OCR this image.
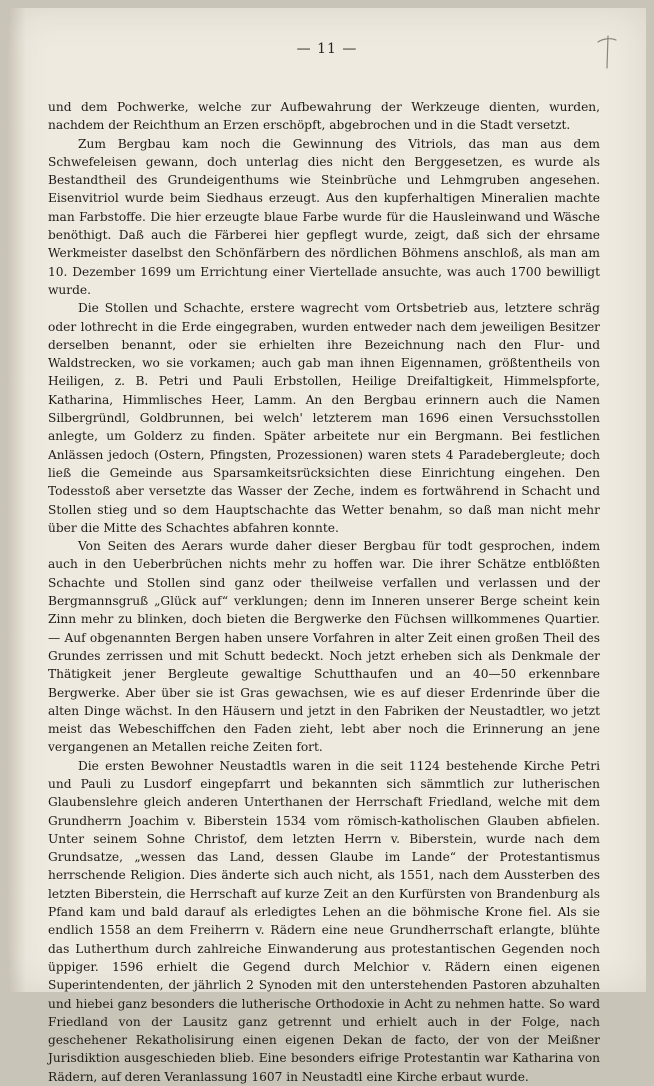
— 11 —

und dem Pochwerke, welche zur Aufbewahrung der Werkzeuge dienten, wurden, nachdem der Reichthum an Erzen erschöpft, abgebrochen und in die Stadt versetzt.

Zum Bergbau kam noch die Gewinnung des Vitriols, das man aus dem Schwefeleisen gewann, doch unterlag dies nicht den Berggesetzen, es wurde als Bestandtheil des Grundeigenthums wie Steinbrüche und Lehmgruben angesehen. Eisenvitriol wurde beim Siedhaus erzeugt. Aus den kupferhaltigen Mineralien machte man Farbstoffe. Die hier erzeugte blaue Farbe wurde für die Hausleinwand und Wäsche benöthigt. Daß auch die Färberei hier gepflegt wurde, zeigt, daß sich der ehrsame Werkmeister daselbst den Schönfärbern des nördlichen Böhmens anschloß, als man am 10. Dezember 1699 um Errichtung einer Viertellade ansuchte, was auch 1700 bewilligt wurde.

Die Stollen und Schachte, erstere wagrecht vom Ortsbetrieb aus, letztere schräg oder lothrecht in die Erde eingegraben, wurden entweder nach dem jeweiligen Besitzer derselben benannt, oder sie erhielten ihre Bezeichnung nach den Flur- und Waldstrecken, wo sie vorkamen; auch gab man ihnen Eigennamen, größtentheils von Heiligen, z. B. Petri und Pauli Erbstollen, Heilige Dreifaltigkeit, Himmelspforte, Katharina, Himmlisches Heer, Lamm. An den Bergbau erinnern auch die Namen Silbergründl, Goldbrunnen, bei welch' letzterem man 1696 einen Versuchsstollen anlegte, um Golderz zu finden. Später arbeitete nur ein Bergmann. Bei festlichen Anlässen jedoch (Ostern, Pfingsten, Prozessionen) waren stets 4 Paradebergleute; doch ließ die Gemeinde aus Sparsamkeitsrücksichten diese Einrichtung eingehen. Den Todesstoß aber versetzte das Wasser der Zeche, indem es fortwährend in Schacht und Stollen stieg und so dem Hauptschachte das Wetter benahm, so daß man nicht mehr über die Mitte des Schachtes abfahren konnte.

Von Seiten des Aerars wurde daher dieser Bergbau für todt gesprochen, indem auch in den Ueberbrüchen nichts mehr zu hoffen war. Die ihrer Schätze entblößten Schachte und Stollen sind ganz oder theilweise verfallen und verlassen und der Bergmannsgruß „Glück auf“ verklungen; denn im Inneren unserer Berge scheint kein Zinn mehr zu blinken, doch bieten die Bergwerke den Füchsen willkommenes Quartier. — Auf obgenannten Bergen haben unsere Vorfahren in alter Zeit einen großen Theil des Grundes zerrissen und mit Schutt bedeckt. Noch jetzt erheben sich als Denkmale der Thätigkeit jener Bergleute gewaltige Schutthaufen und an 40—50 erkennbare Bergwerke. Aber über sie ist Gras gewachsen, wie es auf dieser Erdenrinde über die alten Dinge wächst. In den Häusern und jetzt in den Fabriken der Neustadtler, wo jetzt meist das Webeschiffchen den Faden zieht, lebt aber noch die Erinnerung an jene vergangenen an Metallen reiche Zeiten fort.

Die ersten Bewohner Neustadtls waren in die seit 1124 bestehende Kirche Petri und Pauli zu Lusdorf eingepfarrt und bekannten sich sämmtlich zur lutherischen Glaubenslehre gleich anderen Unterthanen der Herrschaft Friedland, welche mit dem Grundherrn Joachim v. Biberstein 1534 vom römisch-katholischen Glauben abfielen. Unter seinem Sohne Christof, dem letzten Herrn v. Biberstein, wurde nach dem Grundsatze, „wessen das Land, dessen Glaube im Lande“ der Protestantismus herrschende Religion. Dies änderte sich auch nicht, als 1551, nach dem Aussterben des letzten Biberstein, die Herrschaft auf kurze Zeit an den Kurfürsten von Brandenburg als Pfand kam und bald darauf als erledigtes Lehen an die böhmische Krone fiel. Als sie endlich 1558 an dem Freiherrn v. Rädern eine neue Grundherrschaft erlangte, blühte das Lutherthum durch zahlreiche Einwanderung aus protestantischen Gegenden noch üppiger. 1596 erhielt die Gegend durch Melchior v. Rädern einen eigenen Superintendenten, der jährlich 2 Synoden mit den unterstehenden Pastoren abzuhalten und hiebei ganz besonders die lutherische Orthodoxie in Acht zu nehmen hatte. So ward Friedland von der Lausitz ganz getrennt und erhielt auch in der Folge, nach geschehener Rekatholisirung einen eigenen Dekan de facto, der von der Meißner Jurisdiktion ausgeschieden blieb. Eine besonders eifrige Protestantin war Katharina von Rädern, auf deren Veranlassung 1607 in Neustadtl eine Kirche erbaut wurde.
